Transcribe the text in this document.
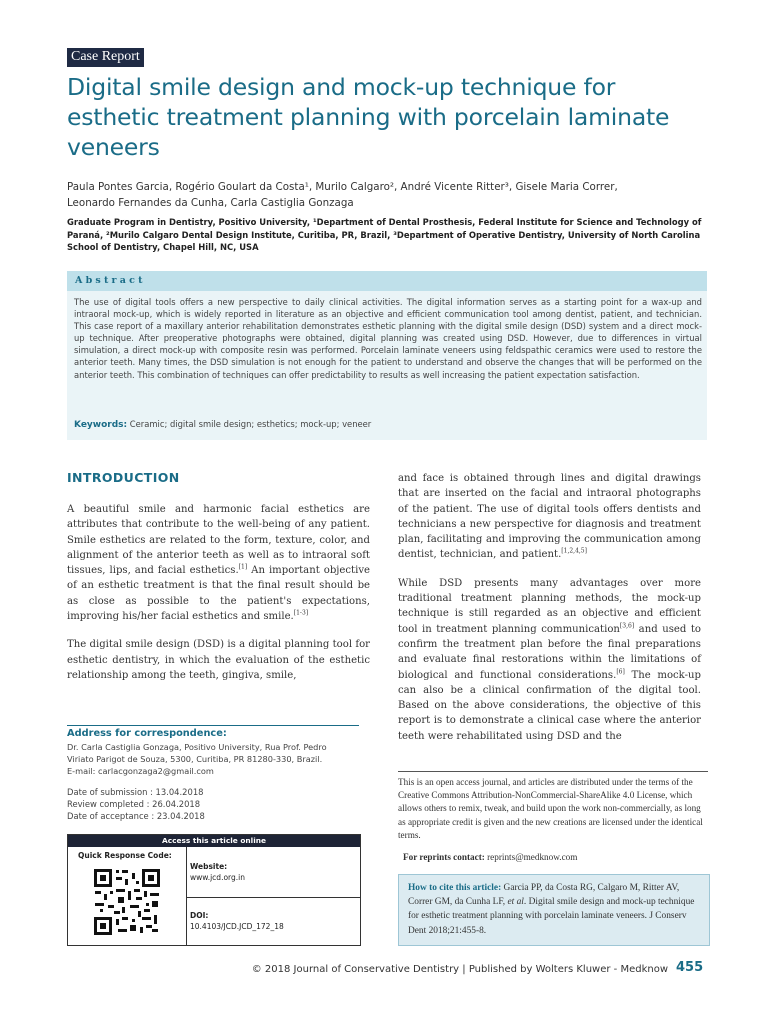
Case Report
Digital smile design and mock-up technique for esthetic treatment planning with porcelain laminate veneers
Paula Pontes Garcia, Rogério Goulart da Costa¹, Murilo Calgaro², André Vicente Ritter³, Gisele Maria Correr,
Leonardo Fernandes da Cunha, Carla Castiglia Gonzaga
Graduate Program in Dentistry, Positivo University, ¹Department of Dental Prosthesis, Federal Institute for Science and Technology of
Paraná, ²Murilo Calgaro Dental Design Institute, Curitiba, PR, Brazil, ³Department of Operative Dentistry, University of North Carolina
School of Dentistry, Chapel Hill, NC, USA
Abstract
The use of digital tools offers a new perspective to daily clinical activities. The digital information serves as a starting point for a wax-up and intraoral mock-up, which is widely reported in literature as an objective and efficient communication tool among dentist, patient, and technician. This case report of a maxillary anterior rehabilitation demonstrates esthetic planning with the digital smile design (DSD) system and a direct mock-up technique. After preoperative photographs were obtained, digital planning was created using DSD. However, due to differences in virtual simulation, a direct mock-up with composite resin was performed. Porcelain laminate veneers using feldspathic ceramics were used to restore the anterior teeth. Many times, the DSD simulation is not enough for the patient to understand and observe the changes that will be performed on the anterior teeth. This combination of techniques can offer predictability to results as well increasing the patient expectation satisfaction.
Keywords: Ceramic; digital smile design; esthetics; mock-up; veneer
INTRODUCTION

A beautiful smile and harmonic facial esthetics are attributes that contribute to the well-being of any patient. Smile esthetics are related to the form, texture, color, and alignment of the anterior teeth as well as to intraoral soft tissues, lips, and facial esthetics.[1] An important objective of an esthetic treatment is that the final result should be as close as possible to the patient's expectations, improving his/her facial esthetics and smile.[1-3]

The digital smile design (DSD) is a digital planning tool for esthetic dentistry, in which the evaluation of the esthetic relationship among the teeth, gingiva, smile,

and face is obtained through lines and digital drawings that are inserted on the facial and intraoral photographs of the patient. The use of digital tools offers dentists and technicians a new perspective for diagnosis and treatment plan, facilitating and improving the communication among dentist, technician, and patient.[1,2,4,5]

While DSD presents many advantages over more traditional treatment planning methods, the mock-up technique is still regarded as an objective and efficient tool in treatment planning communication[3,6] and used to confirm the treatment plan before the final preparations and evaluate final restorations within the limitations of biological and functional considerations.[6] The mock-up can also be a clinical confirmation of the digital tool. Based on the above considerations, the objective of this report is to demonstrate a clinical case where the anterior teeth were rehabilitated using DSD and the

Address for correspondence:
Dr. Carla Castiglia Gonzaga, Positivo University, Rua Prof. Pedro
Viriato Parigot de Souza, 5300, Curitiba, PR 81280-330, Brazil.
E-mail: carlacgonzaga2@gmail.com
Date of submission : 13.04.2018
Review completed : 26.04.2018
Date of acceptance : 23.04.2018
Access this article online
Quick Response Code:
Website:
www.jcd.org.in
DOI:
10.4103/JCD.JCD_172_18
This is an open access journal, and articles are distributed under the terms of the Creative Commons Attribution-NonCommercial-ShareAlike 4.0 License, which allows others to remix, tweak, and build upon the work non-commercially, as long as appropriate credit is given and the new creations are licensed under the identical terms.
For reprints contact: reprints@medknow.com
How to cite this article: Garcia PP, da Costa RG, Calgaro M, Ritter AV, Correr GM, da Cunha LF, et al. Digital smile design and mock-up technique for esthetic treatment planning with porcelain laminate veneers. J Conserv Dent 2018;21:455-8.
© 2018 Journal of Conservative Dentistry | Published by Wolters Kluwer - Medknow 455
